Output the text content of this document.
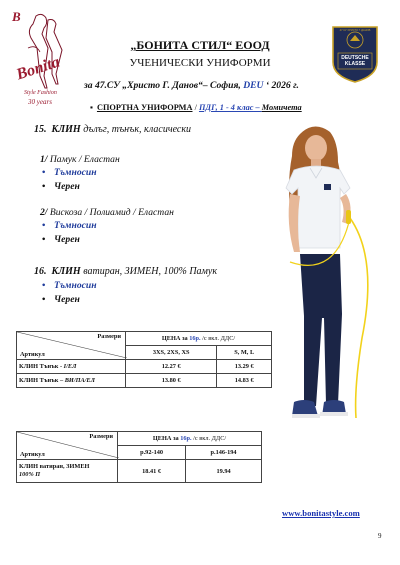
B
Bonita
Style Fashion
30 years
47 СУ ХРИСТО Г. ДАНОВ
DEUTSCHE KLASSE
„БОНИТА СТИЛ“ ЕООД
УЧЕНИЧЕСКИ УНИФОРМИ
за 47.СУ „Христо Г. Данов“– София, DEU ‘ 2026 г.
▪ СПОРТНА УНИФОРМА / ПДГ, 1 - 4 клас – Момичета
15. КЛИН дълъг, тънък, класически
1/ Памук / Еластан
• Тъмносин
• Черен
2/ Вискоза / Полиамид / Еластан
• Тъмносин
• Черен
16. КЛИН ватиран, ЗИМЕН, 100% Памук
• Тъмносин
• Черен
Размери
Артикул	ЦЕНА за 16р. /с вкл. ДДС/	
	3XS, 2XS, XS	S, M, L
КЛИН Тънък - I/ЕЛ	12.27 €	13.29 €
КЛИН Тънък – ВИ/ПА/ЕЛ	13.80 €	14.83 €
Размери
Артикул	ЦЕНА за 16р. /с вкл. ДДС/	
	р.92-140	р.146-194
КЛИН ватиран, ЗИМЕН
100% П	18.41 €	19.94
www.bonitastyle.com
9
